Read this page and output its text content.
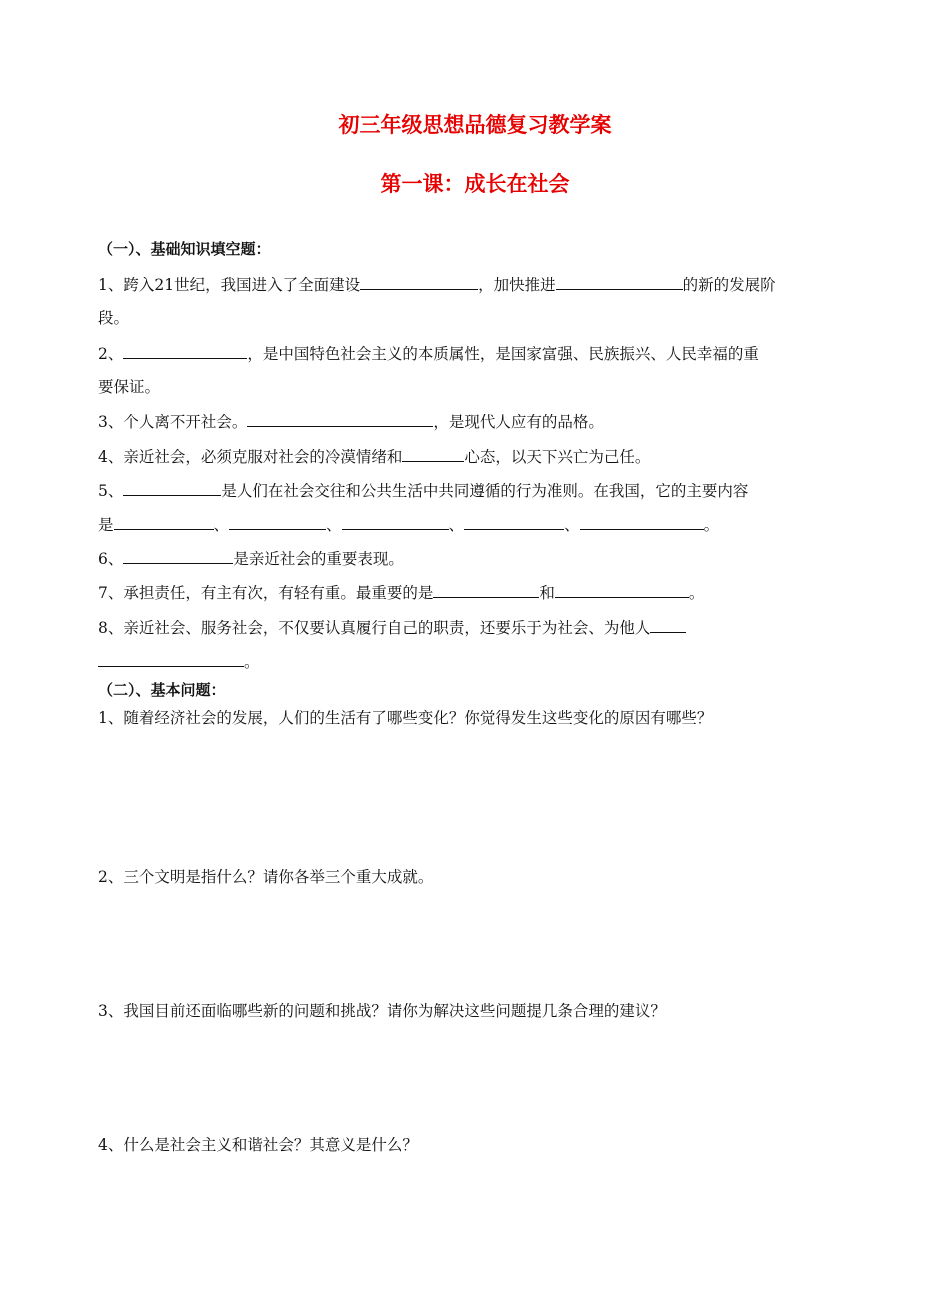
初三年级思想品德复习教学案
第一课：成长在社会
（一）、基础知识填空题：
1、跨入21世纪，我国进入了全面建设	，加快推进	的新的发展阶
段。
2、	，是中国特色社会主义的本质属性，是国家富强、民族振兴、人民幸福的重
要保证。
3、个人离不开社会。	，是现代人应有的品格。
4、亲近社会，必须克服对社会的冷漠情绪和	心态，以天下兴亡为己任。
5、	是人们在社会交往和公共生活中共同遵循的行为准则。在我国，它的主要内容
是	、	、	、	、	。
6、	是亲近社会的重要表现。
7、承担责任，有主有次，有轻有重。最重要的是	和	。
8、亲近社会、服务社会，不仅要认真履行自己的职责，还要乐于为社会、为他人
。
（二）、基本问题：
1、随着经济社会的发展，人们的生活有了哪些变化？你觉得发生这些变化的原因有哪些？
2、三个文明是指什么？请你各举三个重大成就。
3、我国目前还面临哪些新的问题和挑战？请你为解决这些问题提几条合理的建议？
4、什么是社会主义和谐社会？其意义是什么？
